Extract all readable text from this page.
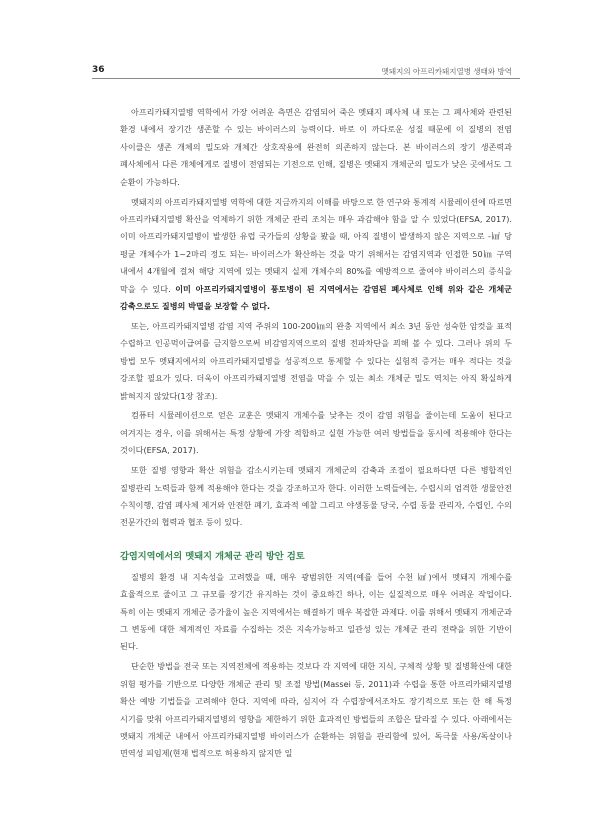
36	멧돼지의 아프리카돼지열병 생태와 방역

아프리카돼지열병 역학에서 가장 어려운 측면은 감염되어 죽은 멧돼지 폐사체 내 또는 그 폐사체와 관련된 환경 내에서 장기간 생존할 수 있는 바이러스의 능력이다. 바로 이 까다로운 성질 때문에 이 질병의 전염 사이클은 생존 개체의 밀도와 개체간 상호작용에 완전히 의존하지 않는다. 본 바이러스의 장기 생존력과 폐사체에서 다른 개체에게로 질병이 전염되는 기전으로 인해, 질병은 멧돼지 개체군의 밀도가 낮은 곳에서도 그 순환이 가능하다.

멧돼지의 아프리카돼지열병 역학에 대한 지금까지의 이해를 바탕으로 한 연구와 통계적 시뮬레이션에 따르면 아프리카돼지열병 확산을 억제하기 위한 개체군 관리 조치는 매우 과감해야 함을 알 수 있었다(EFSA, 2017). 이미 아프리카돼지열병이 발생한 유럽 국가들의 상황을 봤을 때, 아직 질병이 발생하지 않은 지역으로 -㎢ 당 평균 개체수가 1~2마리 정도 되는- 바이러스가 확산하는 것을 막기 위해서는 감염지역과 인접한 50㎞ 구역 내에서 4개월에 걸쳐 해당 지역에 있는 멧돼지 실제 개체수의 80%를 예방적으로 줄여야 바이러스의 증식을 막을 수 있다. 이미 아프리카돼지열병이 풍토병이 된 지역에서는 감염된 폐사체로 인해 위와 같은 개체군 감축으로도 질병의 박멸을 보장할 수 없다.

또는, 아프리카돼지열병 감염 지역 주위의 100-200㎞의 완충 지역에서 최소 3년 동안 성숙한 암컷을 표적 수렵하고 인공먹이급여를 금지함으로써 비감염지역으로의 질병 전파차단을 꾀해 볼 수 있다. 그러나 위의 두 방법 모두 멧돼지에서의 아프리카돼지열병을 성공적으로 통제할 수 있다는 실험적 증거는 매우 적다는 것을 강조할 필요가 있다. 더욱이 아프리카돼지열병 전염을 막을 수 있는 최소 개체군 밀도 역치는 아직 확실하게 밝혀지지 않았다(1장 참조).

컴퓨터 시뮬레이션으로 얻은 교훈은 멧돼지 개체수를 낮추는 것이 감염 위험을 줄이는데 도움이 된다고 여겨지는 경우, 이를 위해서는 특정 상황에 가장 적합하고 실현 가능한 여러 방법들을 동시에 적용해야 한다는 것이다(EFSA, 2017).

또한 질병 영향과 확산 위험을 감소시키는데 멧돼지 개체군의 감축과 조절이 필요하다면 다른 병합적인 질병관리 노력들과 함께 적용해야 한다는 것을 강조하고자 한다. 이러한 노력들에는, 수렵시의 엄격한 생물안전 수칙이행, 감염 폐사체 제거와 안전한 폐기, 효과적 예찰 그리고 야생동물 당국, 수렵 동물 관리자, 수렵인, 수의 전문가간의 협력과 협조 등이 있다.

감염지역에서의 멧돼지 개체군 관리 방안 검토

질병의 환경 내 지속성을 고려했을 때, 매우 광범위한 지역(예를 들어 수천 ㎢)에서 멧돼지 개체수를 효율적으로 줄이고 그 규모를 장기간 유지하는 것이 중요하긴 하나, 이는 실질적으로 매우 어려운 작업이다. 특히 이는 멧돼지 개체군 증가율이 높은 지역에서는 해결하기 매우 복잡한 과제다. 이를 위해서 멧돼지 개체군과 그 변동에 대한 체계적인 자료를 수집하는 것은 지속가능하고 일관성 있는 개체군 관리 전략을 위한 기반이 된다.

단순한 방법을 전국 또는 지역전체에 적용하는 것보다 각 지역에 대한 지식, 구체적 상황 및 질병확산에 대한 위험 평가를 기반으로 다양한 개체군 관리 및 조절 방법(Massei 등, 2011)과 수렵을 통한 아프리카돼지열병 확산 예방 기법들을 고려해야 한다. 지역에 따라, 심지어 각 수렵장에서조차도 장기적으로 또는 한 해 특정 시기를 맞춰 아프리카돼지열병의 영향을 제한하기 위한 효과적인 방법들의 조합은 달라질 수 있다. 아래에서는 멧돼지 개체군 내에서 아프리카돼지열병 바이러스가 순환하는 위험을 관리함에 있어, 독극물 사용/독살이나 면역성 피임제(현재 법적으로 허용하지 않지만 일
